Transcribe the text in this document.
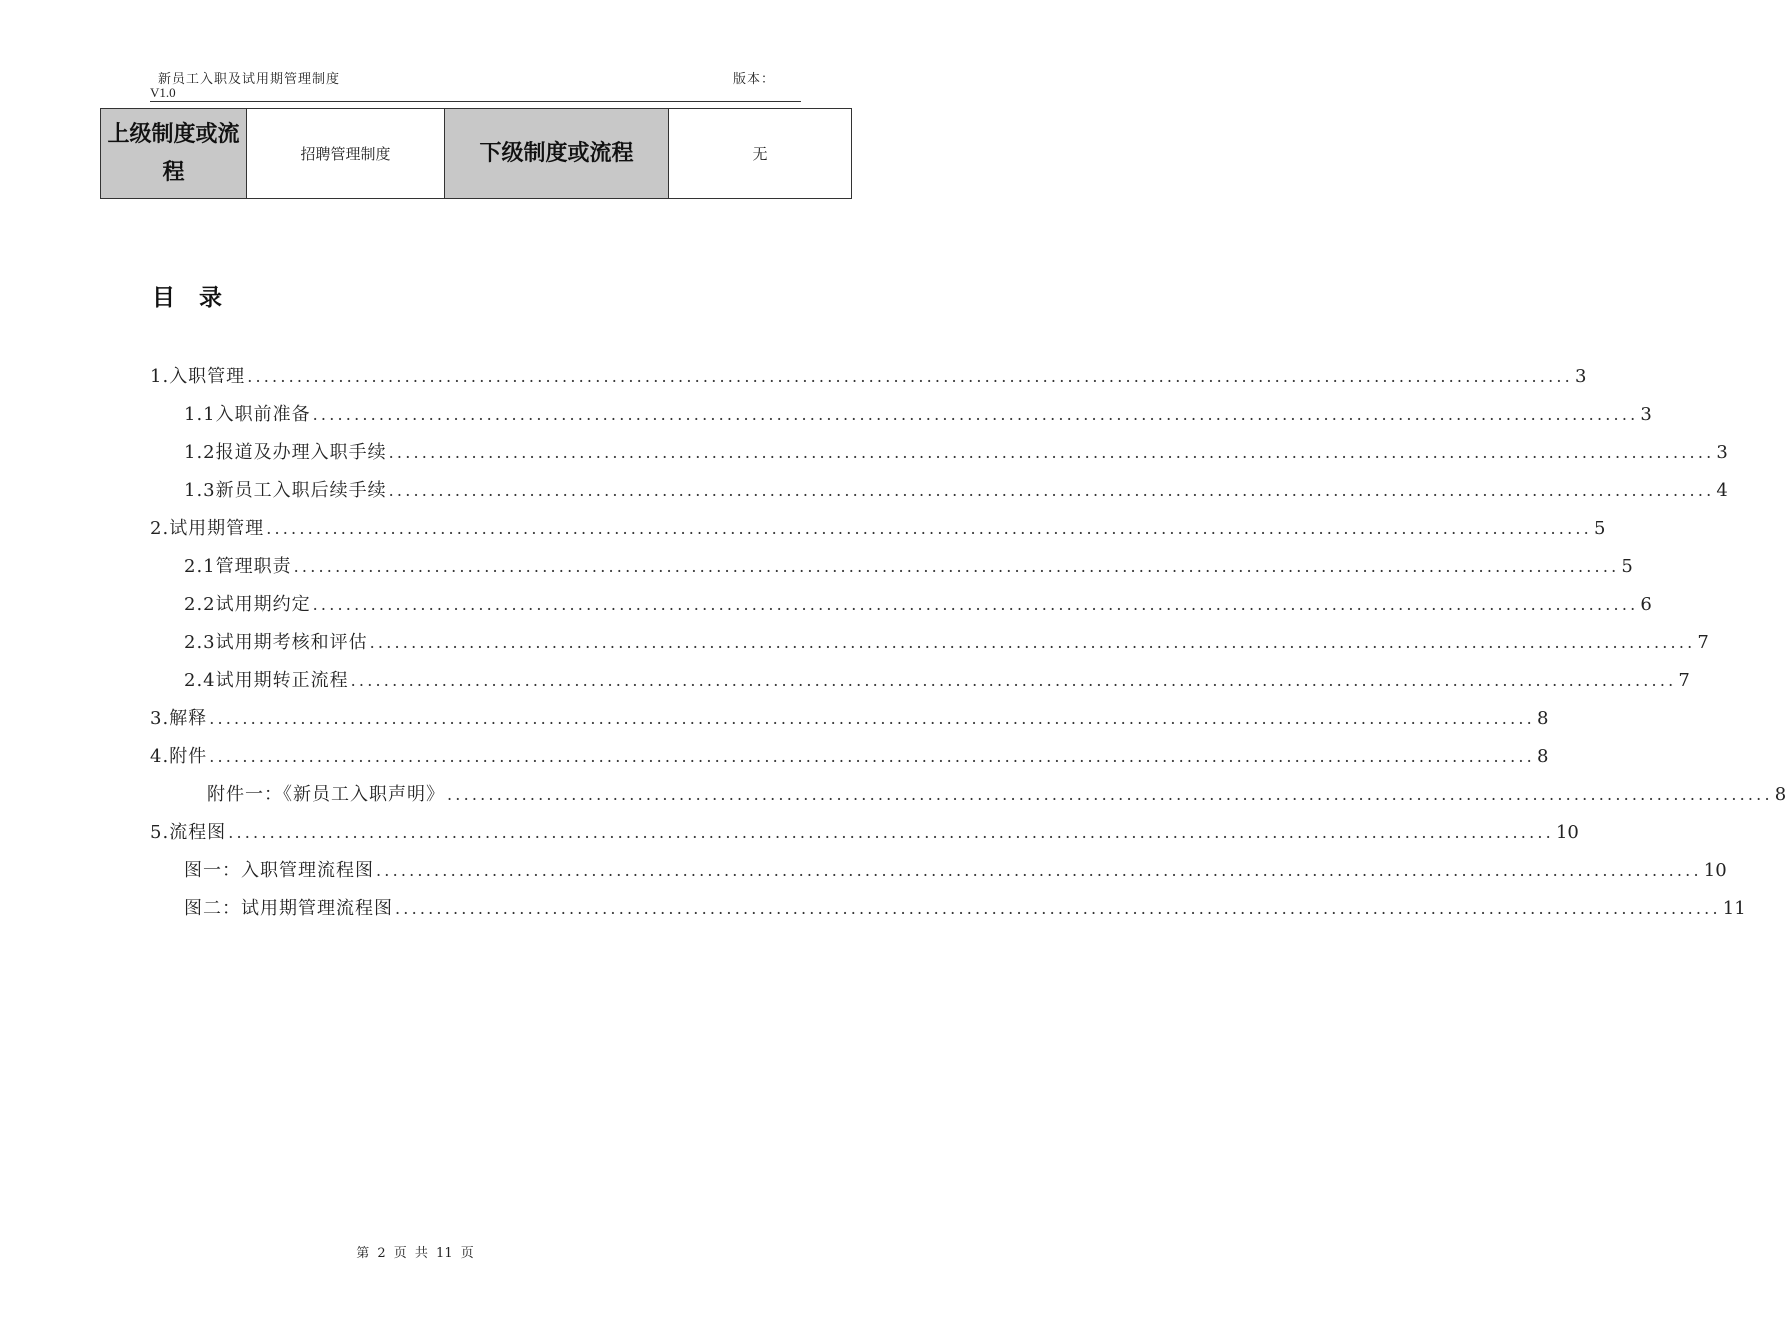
新员工入职及试用期管理制度	版本：
V1.0
上级制度或流程	招聘管理制度	下级制度或流程	无
目 录
1. 入职管理 ................................................................................................................................................................ 3
1.1 入职前准备 ................................................................................................................................................................ 3
1.2 报道及办理入职手续 ................................................................................................................................................................ 3
1.3 新员工入职后续手续 ................................................................................................................................................................ 4
2. 试用期管理 ................................................................................................................................................................ 5
2.1 管理职责 ................................................................................................................................................................ 5
2.2 试用期约定 ................................................................................................................................................................ 6
2.3 试用期考核和评估 ................................................................................................................................................................ 7
2.4 试用期转正流程 ................................................................................................................................................................ 7
3. 解释 ................................................................................................................................................................ 8
4. 附件 ................................................................................................................................................................ 8
附件一：《新员工入职声明》 ................................................................................................................................................................ 8
5. 流程图 ................................................................................................................................................................ 10
图一：入职管理流程图 ................................................................................................................................................................ 10
图二：试用期管理流程图 ................................................................................................................................................................ 11
第 2 页 共 11 页
